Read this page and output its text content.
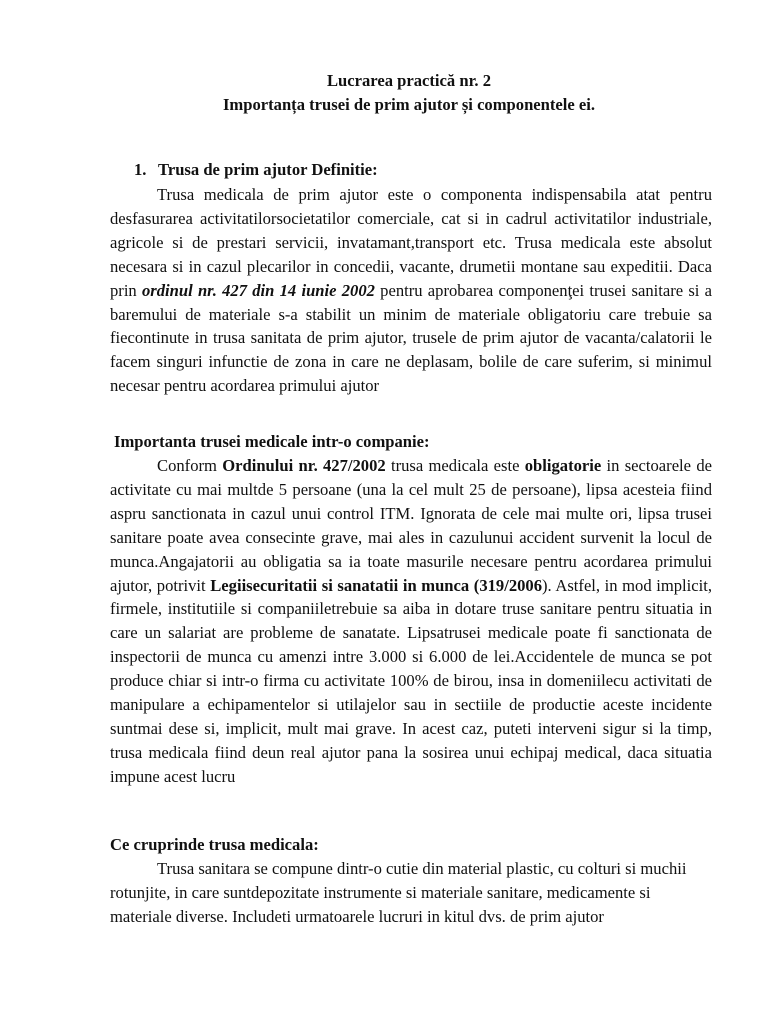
Lucrarea practică nr. 2
Importanța trusei de prim ajutor și componentele ei.
1. Trusa de prim ajutor Definitie:

Trusa medicala de prim ajutor este o componenta indispensabila atat pentru desfasurarea activitatilorsocietatilor comerciale, cat si in cadrul activitatilor industriale, agricole si de prestari servicii, invatamant,transport etc. Trusa medicala este absolut necesara si in cazul plecarilor in concedii, vacante, drumetii montane sau expeditii. Daca prin ordinul nr. 427 din 14 iunie 2002 pentru aprobarea componenţei trusei sanitare si a baremului de materiale s-a stabilit un minim de materiale obligatoriu care trebuie sa fiecontinute in trusa sanitata de prim ajutor, trusele de prim ajutor de vacanta/calatorii le facem singuri infunctie de zona in care ne deplasam, bolile de care suferim, si minimul necesar pentru acordarea primului ajutor

Importanta trusei medicale intr-o companie:

Conform Ordinului nr. 427/2002 trusa medicala este obligatorie in sectoarele de activitate cu mai multde 5 persoane (una la cel mult 25 de persoane), lipsa acesteia fiind aspru sanctionata in cazul unui control ITM. Ignorata de cele mai multe ori, lipsa trusei sanitare poate avea consecinte grave, mai ales in cazulunui accident survenit la locul de munca.Angajatorii au obligatia sa ia toate masurile necesare pentru acordarea primului ajutor, potrivit Legiisecuritatii si sanatatii in munca (319/2006). Astfel, in mod implicit, firmele, institutiile si companiiletrebuie sa aiba in dotare truse sanitare pentru situatia in care un salariat are probleme de sanatate. Lipsatrusei medicale poate fi sanctionata de inspectorii de munca cu amenzi intre 3.000 si 6.000 de lei.Accidentele de munca se pot produce chiar si intr-o firma cu activitate 100% de birou, insa in domeniilecu activitati de manipulare a echipamentelor si utilajelor sau in sectiile de productie aceste incidente suntmai dese si, implicit, mult mai grave. In acest caz, puteti interveni sigur si la timp, trusa medicala fiind deun real ajutor pana la sosirea unui echipaj medical, daca situatia impune acest lucru

Ce cruprinde trusa medicala:

Trusa sanitara se compune dintr-o cutie din material plastic, cu colturi si muchii rotunjite, in care suntdepozitate instrumente si materiale sanitare, medicamente si materiale diverse. Includeti urmatoarele lucruri in kitul dvs. de prim ajutor
